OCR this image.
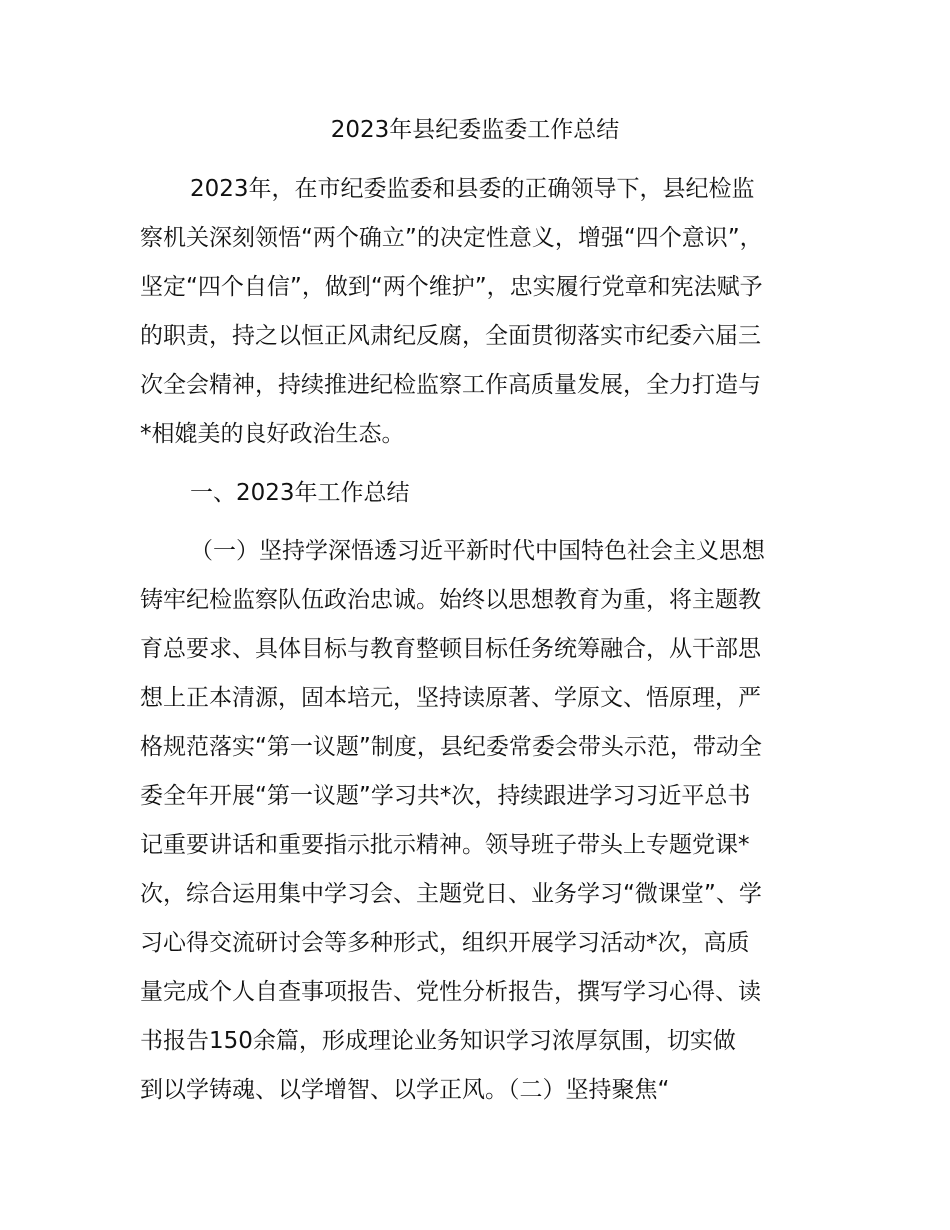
2023年县纪委监委工作总结
2023年，在市纪委监委和县委的正确领导下，县纪检监
察机关深刻领悟“两个确立”的决定性意义，增强“四个意识”，
坚定“四个自信”，做到“两个维护”，忠实履行党章和宪法赋予
的职责，持之以恒正风肃纪反腐，全面贯彻落实市纪委六届三
次全会精神，持续推进纪检监察工作高质量发展，全力打造与
*相媲美的良好政治生态。
一、2023年工作总结
（一）坚持学深悟透习近平新时代中国特色社会主义思想
铸牢纪检监察队伍政治忠诚。始终以思想教育为重，将主题教
育总要求、具体目标与教育整顿目标任务统筹融合，从干部思
想上正本清源，固本培元，坚持读原著、学原文、悟原理，严
格规范落实“第一议题”制度，县纪委常委会带头示范，带动全
委全年开展“第一议题”学习共*次，持续跟进学习习近平总书
记重要讲话和重要指示批示精神。领导班子带头上专题党课*
次，综合运用集中学习会、主题党日、业务学习“微课堂”、学
习心得交流研讨会等多种形式，组织开展学习活动*次，高质
量完成个人自查事项报告、党性分析报告，撰写学习心得、读
书报告150余篇，形成理论业务知识学习浓厚氛围，切实做
到以学铸魂、以学增智、以学正风。（二）坚持聚焦“
